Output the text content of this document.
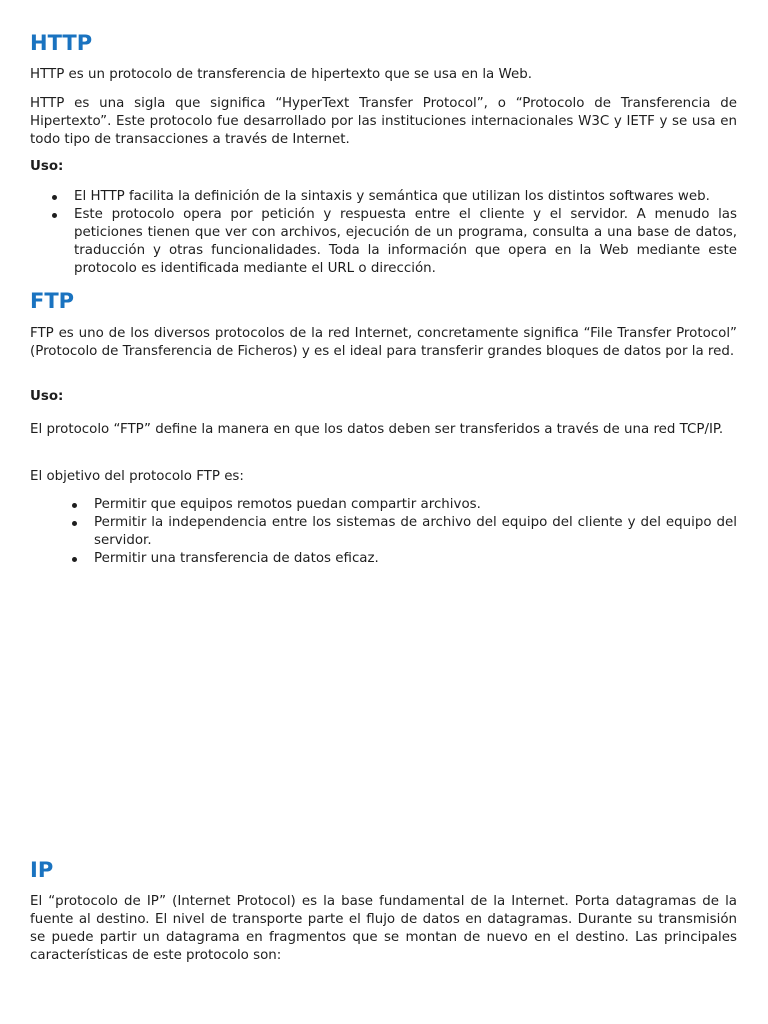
HTTP

HTTP es un protocolo de transferencia de hipertexto que se usa en la Web.

HTTP es una sigla que significa “HyperText Transfer Protocol”, o “Protocolo de Transferencia de Hipertexto”. Este protocolo fue desarrollado por las instituciones internacionales W3C y IETF y se usa en todo tipo de transacciones a través de Internet.

Uso:

El HTTP facilita la definición de la sintaxis y semántica que utilizan los distintos softwares web.
Este protocolo opera por petición y respuesta entre el cliente y el servidor. A menudo las peticiones tienen que ver con archivos, ejecución de un programa, consulta a una base de datos, traducción y otras funcionalidades. Toda la información que opera en la Web mediante este protocolo es identificada mediante el URL o dirección.
FTP

FTP es uno de los diversos protocolos de la red Internet, concretamente significa “File Transfer Protocol” (Protocolo de Transferencia de Ficheros) y es el ideal para transferir grandes bloques de datos por la red.

Uso:

El protocolo “FTP” define la manera en que los datos deben ser transferidos a través de una red TCP/IP.

El objetivo del protocolo FTP es:

Permitir que equipos remotos puedan compartir archivos.
Permitir la independencia entre los sistemas de archivo del equipo del cliente y del equipo del servidor.
Permitir una transferencia de datos eficaz.
IP

El “protocolo de IP” (Internet Protocol) es la base fundamental de la Internet. Porta datagramas de la fuente al destino. El nivel de transporte parte el flujo de datos en datagramas. Durante su transmisión se puede partir un datagrama en fragmentos que se montan de nuevo en el destino. Las principales características de este protocolo son:
